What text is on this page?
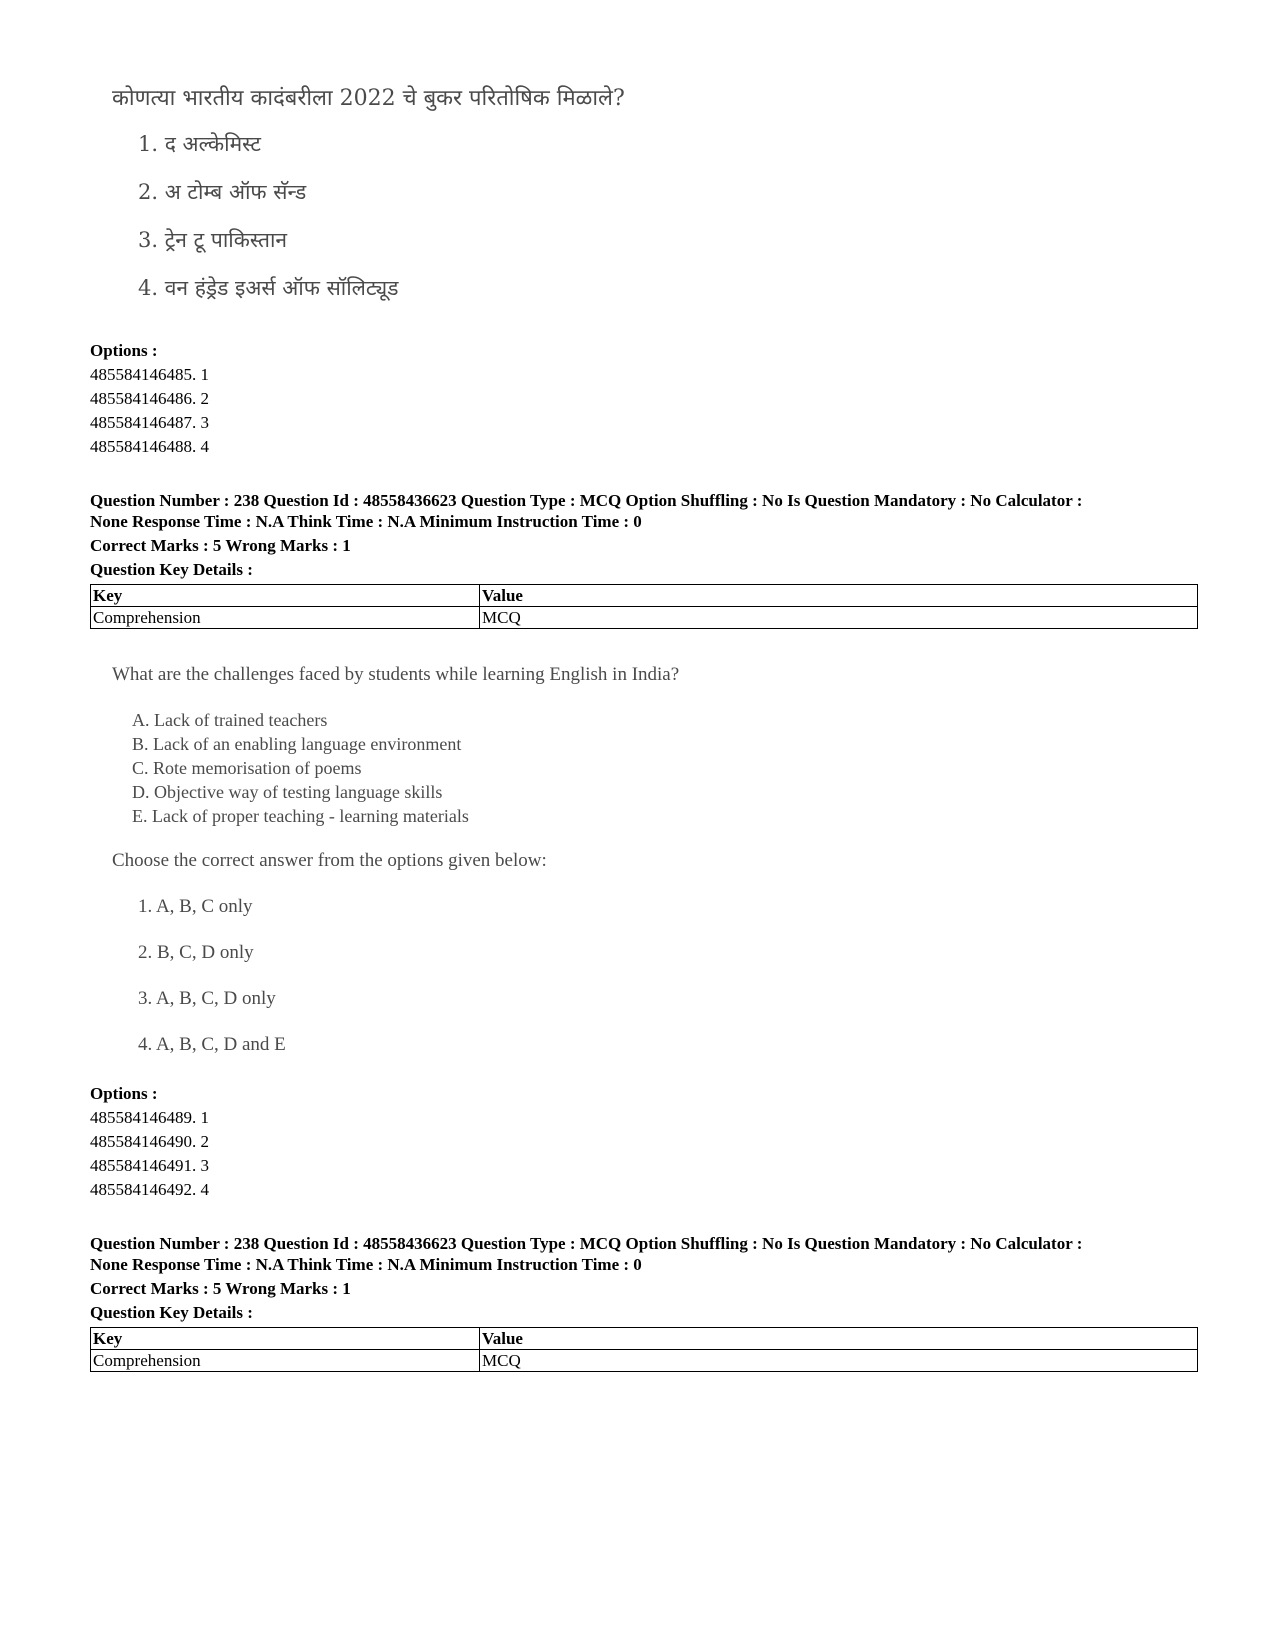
कोणत्या भारतीय कादंबरीला 2022 चे बुकर परितोषिक मिळाले?
1. द अल्केमिस्ट
2. अ टोम्ब ऑफ सॅन्ड
3. ट्रेन टू पाकिस्तान
4. वन हंड्रेड इअर्स ऑफ सॉलिट्यूड
Options :
485584146485. 1
485584146486. 2
485584146487. 3
485584146488. 4
Question Number : 238 Question Id : 48558436623 Question Type : MCQ Option Shuffling : No Is Question Mandatory : No Calculator :
None Response Time : N.A Think Time : N.A Minimum Instruction Time : 0
Correct Marks : 5 Wrong Marks : 1
Question Key Details :
Key	Value
Comprehension	MCQ
What are the challenges faced by students while learning English in India?
A. Lack of trained teachers
B. Lack of an enabling language environment
C. Rote memorisation of poems
D. Objective way of testing language skills
E. Lack of proper teaching - learning materials
Choose the correct answer from the options given below:
1. A, B, C only
2. B, C, D only
3. A, B, C, D only
4. A, B, C, D and E
Options :
485584146489. 1
485584146490. 2
485584146491. 3
485584146492. 4
Question Number : 238 Question Id : 48558436623 Question Type : MCQ Option Shuffling : No Is Question Mandatory : No Calculator :
None Response Time : N.A Think Time : N.A Minimum Instruction Time : 0
Correct Marks : 5 Wrong Marks : 1
Question Key Details :
Key	Value
Comprehension	MCQ
